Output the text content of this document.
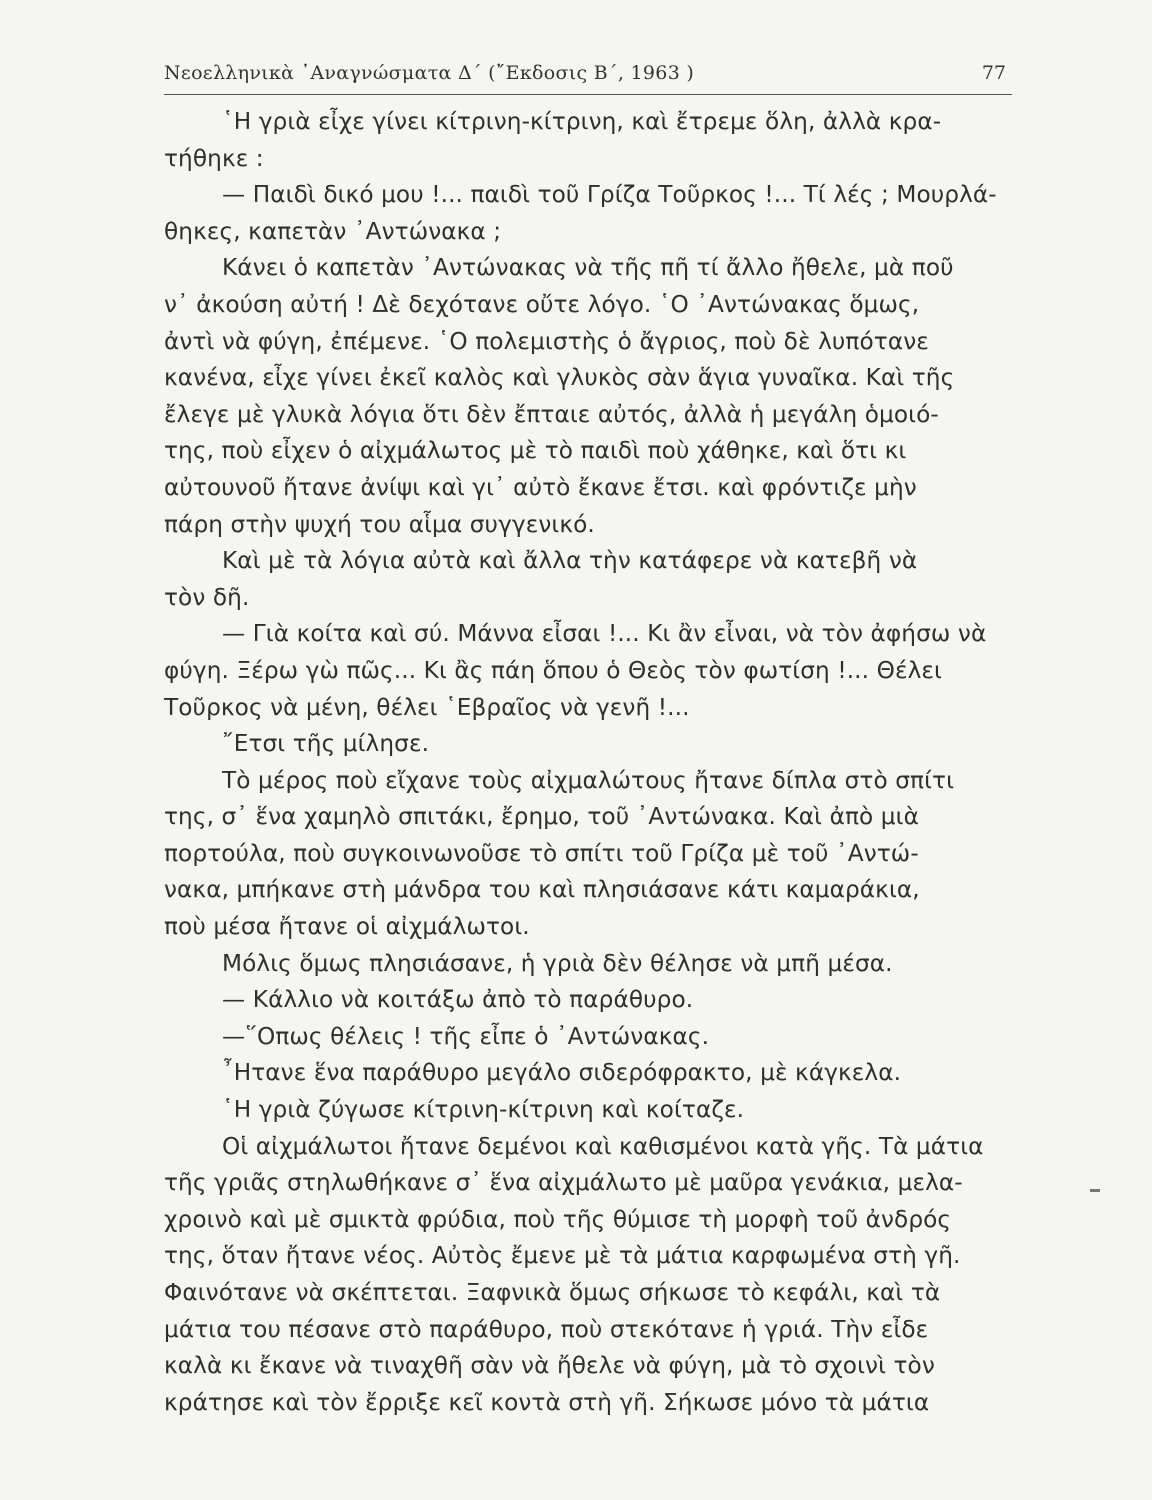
Νεοελληνικὰ ᾿Αναγνώσματα Δ΄ (῎Εκδοσις Β΄, 1963 )	77
῾Η γριὰ εἶχε γίνει κίτρινη-κίτρινη, καὶ ἔτρεμε ὅλη, ἀλλὰ κρα-
τήθηκε :
— Παιδὶ δικό μου !... παιδὶ τοῦ Γρίζα Τοῦρκος !... Τί λές ; Μουρλά-
θηκες, καπετὰν ᾿Αντώνακα ;
Κάνει ὁ καπετὰν ᾿Αντώνακας νὰ τῆς πῆ τί ἄλλο ἤθελε, μὰ ποῦ
ν᾿ ἀκούση αὐτή ! Δὲ δεχότανε οὔτε λόγο. ῾Ο ᾿Αντώνακας ὅμως,
ἀντὶ νὰ φύγη, ἐπέμενε. ῾Ο πολεμιστὴς ὁ ἄγριος, ποὺ δὲ λυπότανε
κανένα, εἶχε γίνει ἐκεῖ καλὸς καὶ γλυκὸς σὰν ἅγια γυναῖκα. Καὶ τῆς
ἔλεγε μὲ γλυκὰ λόγια ὅτι δὲν ἔπταιε αὐτός, ἀλλὰ ἡ μεγάλη ὁμοιό-
της, ποὺ εἶχεν ὁ αἰχμάλωτος μὲ τὸ παιδὶ ποὺ χάθηκε, καὶ ὅτι κι
αὐτουνοῦ ἤτανε ἀνίψι καὶ γι᾿ αὐτὸ ἔκανε ἔτσι. καὶ φρόντιζε μὴν
πάρη στὴν ψυχή του αἷμα συγγενικό.
Καὶ μὲ τὰ λόγια αὐτὰ καὶ ἄλλα τὴν κατάφερε νὰ κατεβῆ νὰ
τὸν δῆ.
— Γιὰ κοίτα καὶ σύ. Μάννα εἶσαι !... Κι ἂν εἶναι, νὰ τὸν ἀφήσω νὰ
φύγη. Ξέρω γὼ πῶς... Κι ἂς πάη ὅπου ὁ Θεὸς τὸν φωτίση !... Θέλει
Τοῦρκος νὰ μένη, θέλει ῾Εβραῖος νὰ γενῆ !...
῎Ετσι τῆς μίλησε.
Τὸ μέρος ποὺ εἴχανε τοὺς αἰχμαλώτους ἤτανε δίπλα στὸ σπίτι
της, σ᾿ ἕνα χαμηλὸ σπιτάκι, ἔρημο, τοῦ ᾿Αντώνακα. Καὶ ἀπὸ μιὰ
πορτούλα, ποὺ συγκοινωνοῦσε τὸ σπίτι τοῦ Γρίζα μὲ τοῦ ᾿Αντώ-
νακα, μπήκανε στὴ μάνδρα του καὶ πλησιάσανε κάτι καμαράκια,
ποὺ μέσα ἤτανε οἱ αἰχμάλωτοι.
Μόλις ὅμως πλησιάσανε, ἡ γριὰ δὲν θέλησε νὰ μπῆ μέσα.
— Κάλλιο νὰ κοιτάξω ἀπὸ τὸ παράθυρο.
—῞Οπως θέλεις ! τῆς εἶπε ὁ ᾿Αντώνακας.
῏Ητανε ἕνα παράθυρο μεγάλο σιδερόφρακτο, μὲ κάγκελα.
῾Η γριὰ ζύγωσε κίτρινη-κίτρινη καὶ κοίταζε.
Οἱ αἰχμάλωτοι ἤτανε δεμένοι καὶ καθισμένοι κατὰ γῆς. Τὰ μάτια
τῆς γριᾶς στηλωθήκανε σ᾿ ἕνα αἰχμάλωτο μὲ μαῦρα γενάκια, μελα-
χροινὸ καὶ μὲ σμικτὰ φρύδια, ποὺ τῆς θύμισε τὴ μορφὴ τοῦ ἀνδρός
της, ὅταν ἤτανε νέος. Αὐτὸς ἔμενε μὲ τὰ μάτια καρφωμένα στὴ γῆ.
Φαινότανε νὰ σκέπτεται. Ξαφνικὰ ὅμως σήκωσε τὸ κεφάλι, καὶ τὰ
μάτια του πέσανε στὸ παράθυρο, ποὺ στεκότανε ἡ γριά. Τὴν εἶδε
καλὰ κι ἔκανε νὰ τιναχθῆ σὰν νὰ ἤθελε νὰ φύγη, μὰ τὸ σχοινὶ τὸν
κράτησε καὶ τὸν ἔρριξε κεῖ κοντὰ στὴ γῆ. Σήκωσε μόνο τὰ μάτια
